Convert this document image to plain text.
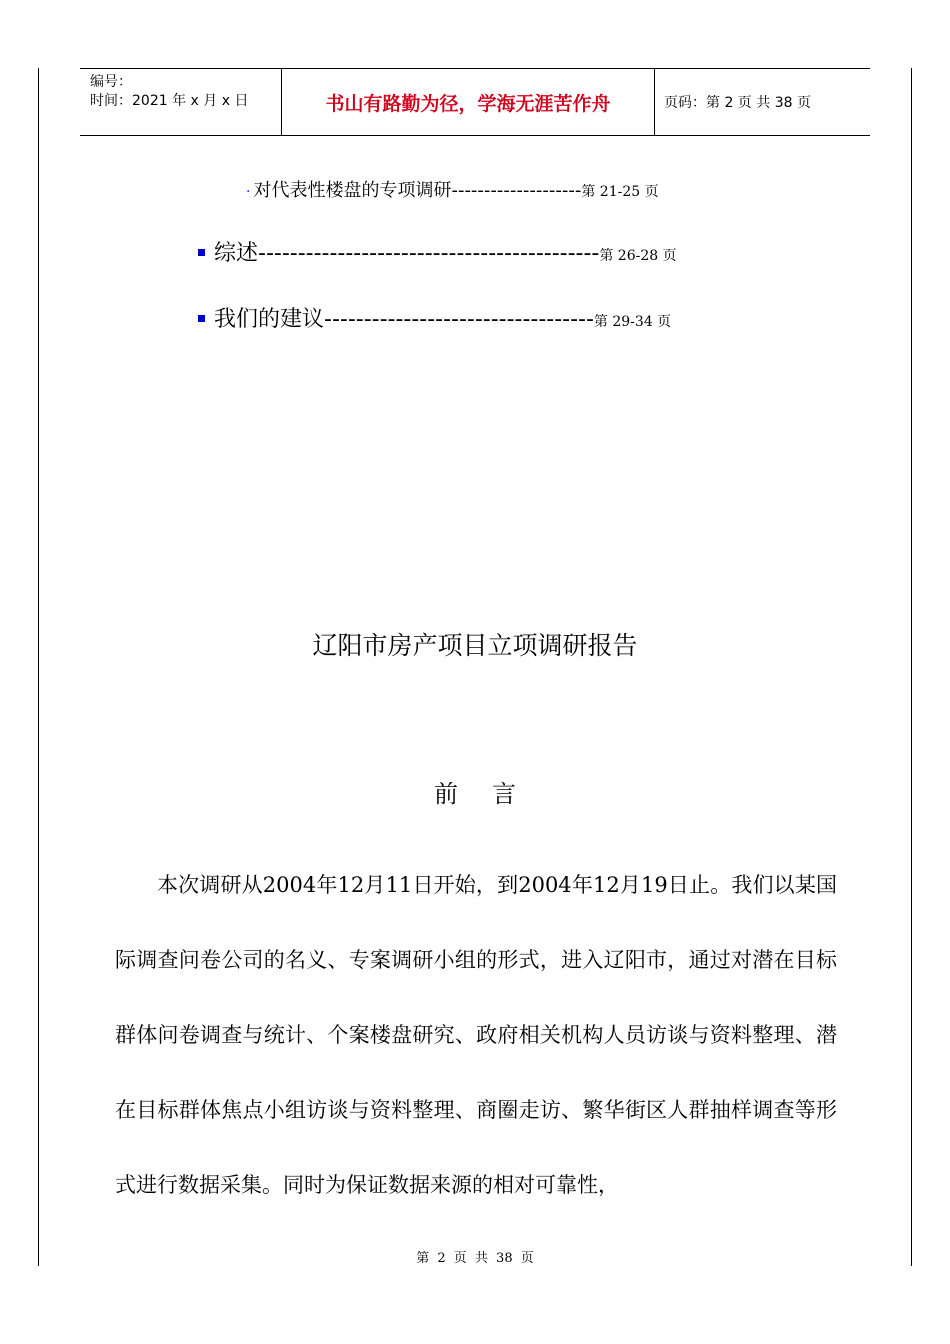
编号：
时间：2021 年 x 月 x 日	书山有路勤为径，学海无涯苦作舟	页码：第 2 页 共 38 页
· 对代表性楼盘的专项调研-------------------- 第 21-25 页
综述------------------------------------------- 第 26-28 页
我们的建议---------------------------------- 第 29-34 页
辽阳市房产项目立项调研报告
前言

本次调研从2004年12月11日开始，到2004年12月19日止。我们以某国际调查问卷公司的名义、专案调研小组的形式，进入辽阳市，通过对潜在目标群体问卷调查与统计、个案楼盘研究、政府相关机构人员访谈与资料整理、潜在目标群体焦点小组访谈与资料整理、商圈走访、繁华街区人群抽样调查等形式进行数据采集。同时为保证数据来源的相对可靠性，

第 2 页 共 38 页
